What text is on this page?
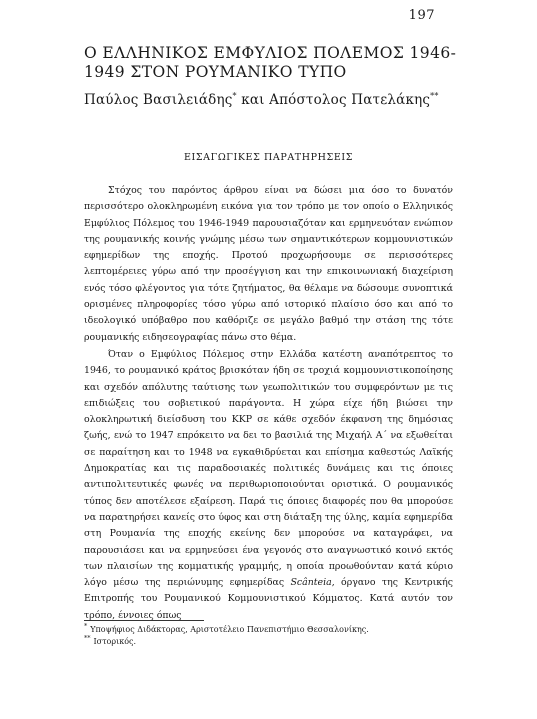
197
Ο ΕΛΛΗΝΙΚΟΣ ΕΜΦΥΛΙΟΣ ΠΟΛΕΜΟΣ 1946-1949 ΣΤΟΝ ΡΟΥΜΑΝΙΚΟ ΤΥΠΟ
Παύλος Βασιλειάδης* και Απόστολος Πατελάκης**
ΕΙΣΑΓΩΓΙΚΕΣ ΠΑΡΑΤΗΡΗΣΕΙΣ

Στόχος του παρόντος άρθρου είναι να δώσει μια όσο το δυνατόν περισσότερο ολοκληρωμένη εικόνα για τον τρόπο με τον οποίο ο Ελληνικός Εμφύλιος Πόλεμος του 1946-1949 παρουσιαζόταν και ερμηνευόταν ενώπιον της ρουμανικής κοινής γνώμης μέσω των σημαντικότερων κομμουνιστικών εφημερίδων της εποχής. Προτού προχωρήσουμε σε περισσότερες λεπτομέρειες γύρω από την προσέγγιση και την επικοινωνιακή διαχείριση ενός τόσο φλέγοντος για τότε ζητήματος, θα θέλαμε να δώσουμε συνοπτικά ορισμένες πληροφορίες τόσο γύρω από ιστορικό πλαίσιο όσο και από το ιδεολογικό υπόβαθρο που καθόριζε σε μεγάλο βαθμό την στάση της τότε ρουμανικής ειδησεογραφίας πάνω στο θέμα.

Όταν ο Εμφύλιος Πόλεμος στην Ελλάδα κατέστη αναπότρεπτος το 1946, το ρουμανικό κράτος βρισκόταν ήδη σε τροχιά κομμουνιστικοποίησης και σχεδόν απόλυτης ταύτισης των γεωπολιτικών του συμφερόντων με τις επιδιώξεις του σοβιετικού παράγοντα. Η χώρα είχε ήδη βιώσει την ολοκληρωτική διείσδυση του ΚΚΡ σε κάθε σχεδόν έκφανση της δημόσιας ζωής, ενώ το 1947 επρόκειτο να δει το βασιλιά της Μιχαήλ Α΄ να εξωθείται σε παραίτηση και το 1948 να εγκαθιδρύεται και επίσημα καθεστώς Λαϊκής Δημοκρατίας και τις παραδοσιακές πολιτικές δυνάμεις και τις όποιες αντιπολιτευτικές φωνές να περιθωριοποιούνται οριστικά. Ο ρουμανικός τύπος δεν αποτέλεσε εξαίρεση. Παρά τις όποιες διαφορές που θα μπορούσε να παρατηρήσει κανείς στο ύφος και στη διάταξη της ύλης, καμία εφημερίδα στη Ρουμανία της εποχής εκείνης δεν μπορούσε να καταγράφει, να παρουσιάσει και να ερμηνεύσει ένα γεγονός στο αναγνωστικό κοινό εκτός των πλαισίων της κομματικής γραμμής, η οποία προωθούνταν κατά κύριο λόγο μέσω της περιώνυμης εφημερίδας Scânteia, όργανο της Κεντρικής Επιτροπής του Ρουμανικού Κομμουνιστικού Κόμματος. Κατά αυτόν τον τρόπο, έννοιες όπως

* Υποψήφιος Διδάκτορας, Αριστοτέλειο Πανεπιστήμιο Θεσσαλονίκης.
** Ιστορικός.
